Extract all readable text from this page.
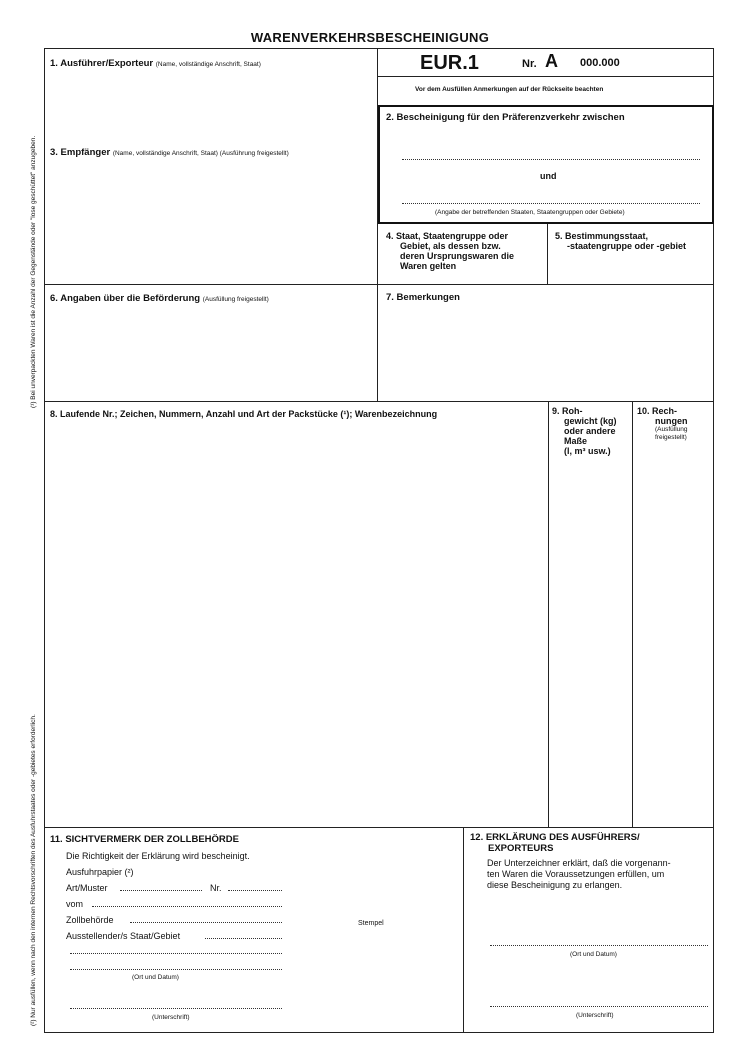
WARENVERKEHRSBESCHEINIGUNG
EUR.1	Nr. A 000.000
Vor dem Ausfüllen Anmerkungen auf der Rückseite beachten
1. Ausführer/Exporteur (Name, vollständige Anschrift, Staat)
2. Bescheinigung für den Präferenzverkehr zwischen
und
(Angabe der betreffenden Staaten, Staatengruppen oder Gebiete)
3. Empfänger (Name, vollständige Anschrift, Staat) (Ausführung freigestellt)
4. Staat, Staatengruppe oder
Gebiet, als dessen bzw.
deren Ursprungswaren die
Waren gelten
5. Bestimmungsstaat,
-staatengruppe oder -gebiet
6. Angaben über die Beförderung (Ausfüllung freigestellt)	7. Bemerkungen
8. Laufende Nr.; Zeichen, Nummern, Anzahl und Art der Packstücke (¹); Warenbezeichnung	9. Roh-
gewicht (kg)
oder andere
Maße
(l, m³ usw.)
10. Rech-
nungen
(Ausfüllung
freigestellt)
11. SICHTVERMERK DER ZOLLBEHÖRDE
Die Richtigkeit der Erklärung wird bescheinigt.
Ausfuhrpapier (²)
Art/Muster	Nr.
vom
Zollbehörde
Ausstellender/s Staat/Gebiet
(Ort und Datum)
Stempel
(Unterschrift)
12. ERKLÄRUNG DES AUSFÜHRERS/
EXPORTEURS
Der Unterzeichner erklärt, daß die vorgenann-
ten Waren die Voraussetzungen erfüllen, um
diese Bescheinigung zu erlangen.
(Ort und Datum)
(Unterschrift)
(¹) Bei unverpackten Waren ist die Anzahl der Gegenstände oder "lose geschüttet" anzugeben.
(²) Nur ausfüllen, wenn nach den internen Rechtsvorschriften des Ausfuhrstaates oder -gebietes erforderlich.
